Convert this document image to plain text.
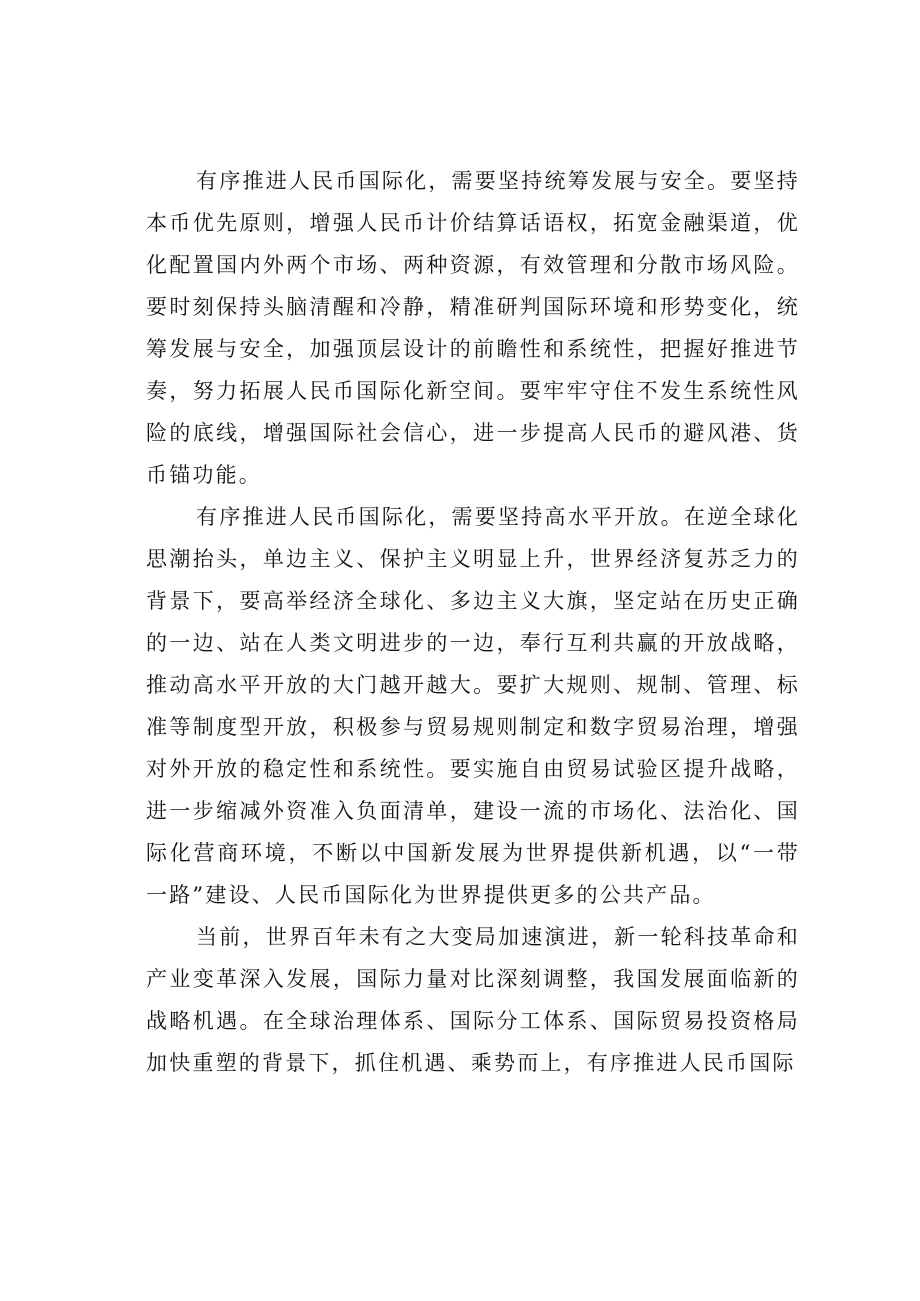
有序推进人民币国际化，需要坚持统筹发展与安全。要坚持本币优先原则，增强人民币计价结算话语权，拓宽金融渠道，优化配置国内外两个市场、两种资源，有效管理和分散市场风险。要时刻保持头脑清醒和冷静，精准研判国际环境和形势变化，统筹发展与安全，加强顶层设计的前瞻性和系统性，把握好推进节奏，努力拓展人民币国际化新空间。要牢牢守住不发生系统性风险的底线，增强国际社会信心，进一步提高人民币的避风港、货币锚功能。

有序推进人民币国际化，需要坚持高水平开放。在逆全球化思潮抬头，单边主义、保护主义明显上升，世界经济复苏乏力的背景下，要高举经济全球化、多边主义大旗，坚定站在历史正确的一边、站在人类文明进步的一边，奉行互利共赢的开放战略，推动高水平开放的大门越开越大。要扩大规则、规制、管理、标准等制度型开放，积极参与贸易规则制定和数字贸易治理，增强对外开放的稳定性和系统性。要实施自由贸易试验区提升战略，进一步缩减外资准入负面清单，建设一流的市场化、法治化、国际化营商环境，不断以中国新发展为世界提供新机遇，以“一带一路”建设、人民币国际化为世界提供更多的公共产品。

当前，世界百年未有之大变局加速演进，新一轮科技革命和产业变革深入发展，国际力量对比深刻调整，我国发展面临新的战略机遇。在全球治理体系、国际分工体系、国际贸易投资格局加快重塑的背景下，抓住机遇、乘势而上，有序推进人民币国际
